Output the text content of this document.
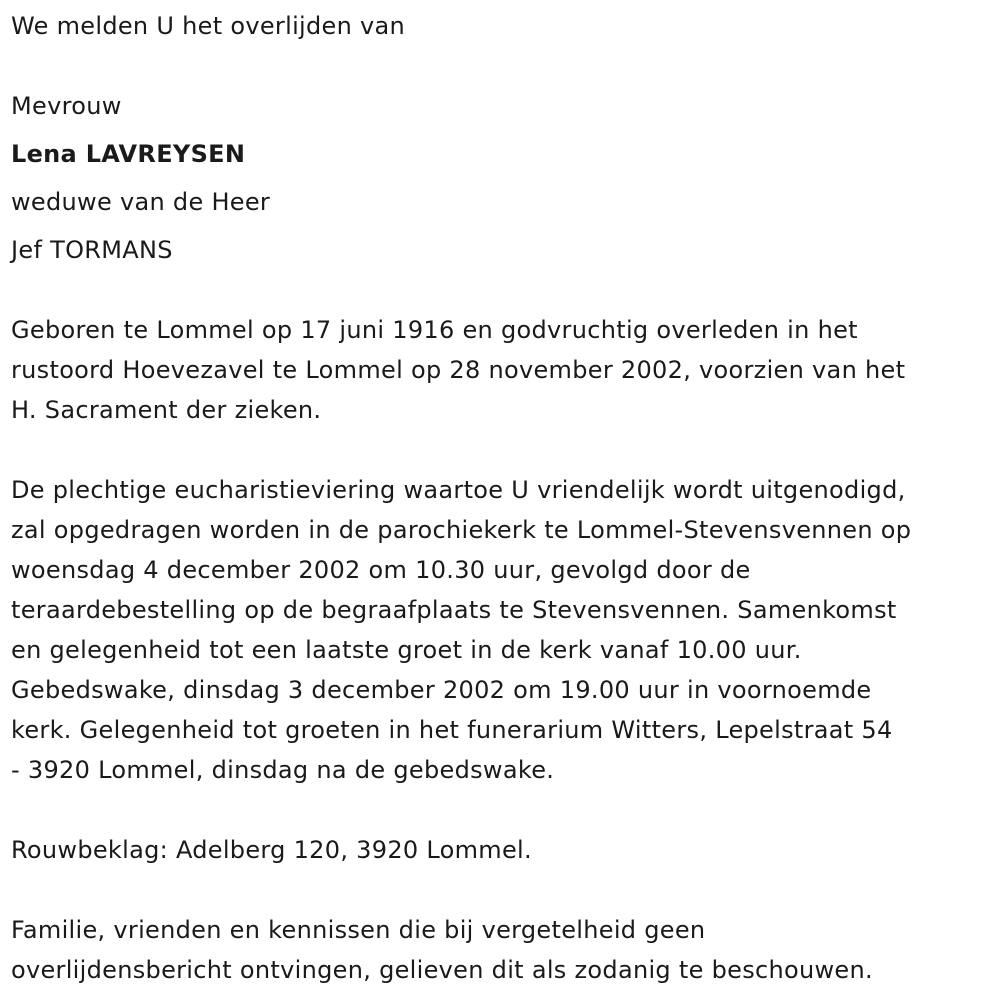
We melden U het overlijden van

Mevrouw

Lena LAVREYSEN

weduwe van de Heer

Jef TORMANS

Geboren te Lommel op 17 juni 1916 en godvruchtig overleden in het

rustoord Hoevezavel te Lommel op 28 november 2002, voorzien van het

H. Sacrament der zieken.

De plechtige eucharistieviering waartoe U vriendelijk wordt uitgenodigd,

zal opgedragen worden in de parochiekerk te Lommel-Stevensvennen op

woensdag 4 december 2002 om 10.30 uur, gevolgd door de

teraardebestelling op de begraafplaats te Stevensvennen. Samenkomst

en gelegenheid tot een laatste groet in de kerk vanaf 10.00 uur.

Gebedswake, dinsdag 3 december 2002 om 19.00 uur in voornoemde

kerk. Gelegenheid tot groeten in het funerarium Witters, Lepelstraat 54

- 3920 Lommel, dinsdag na de gebedswake.

Rouwbeklag: Adelberg 120, 3920 Lommel.

Familie, vrienden en kennissen die bij vergetelheid geen

overlijdensbericht ontvingen, gelieven dit als zodanig te beschouwen.
